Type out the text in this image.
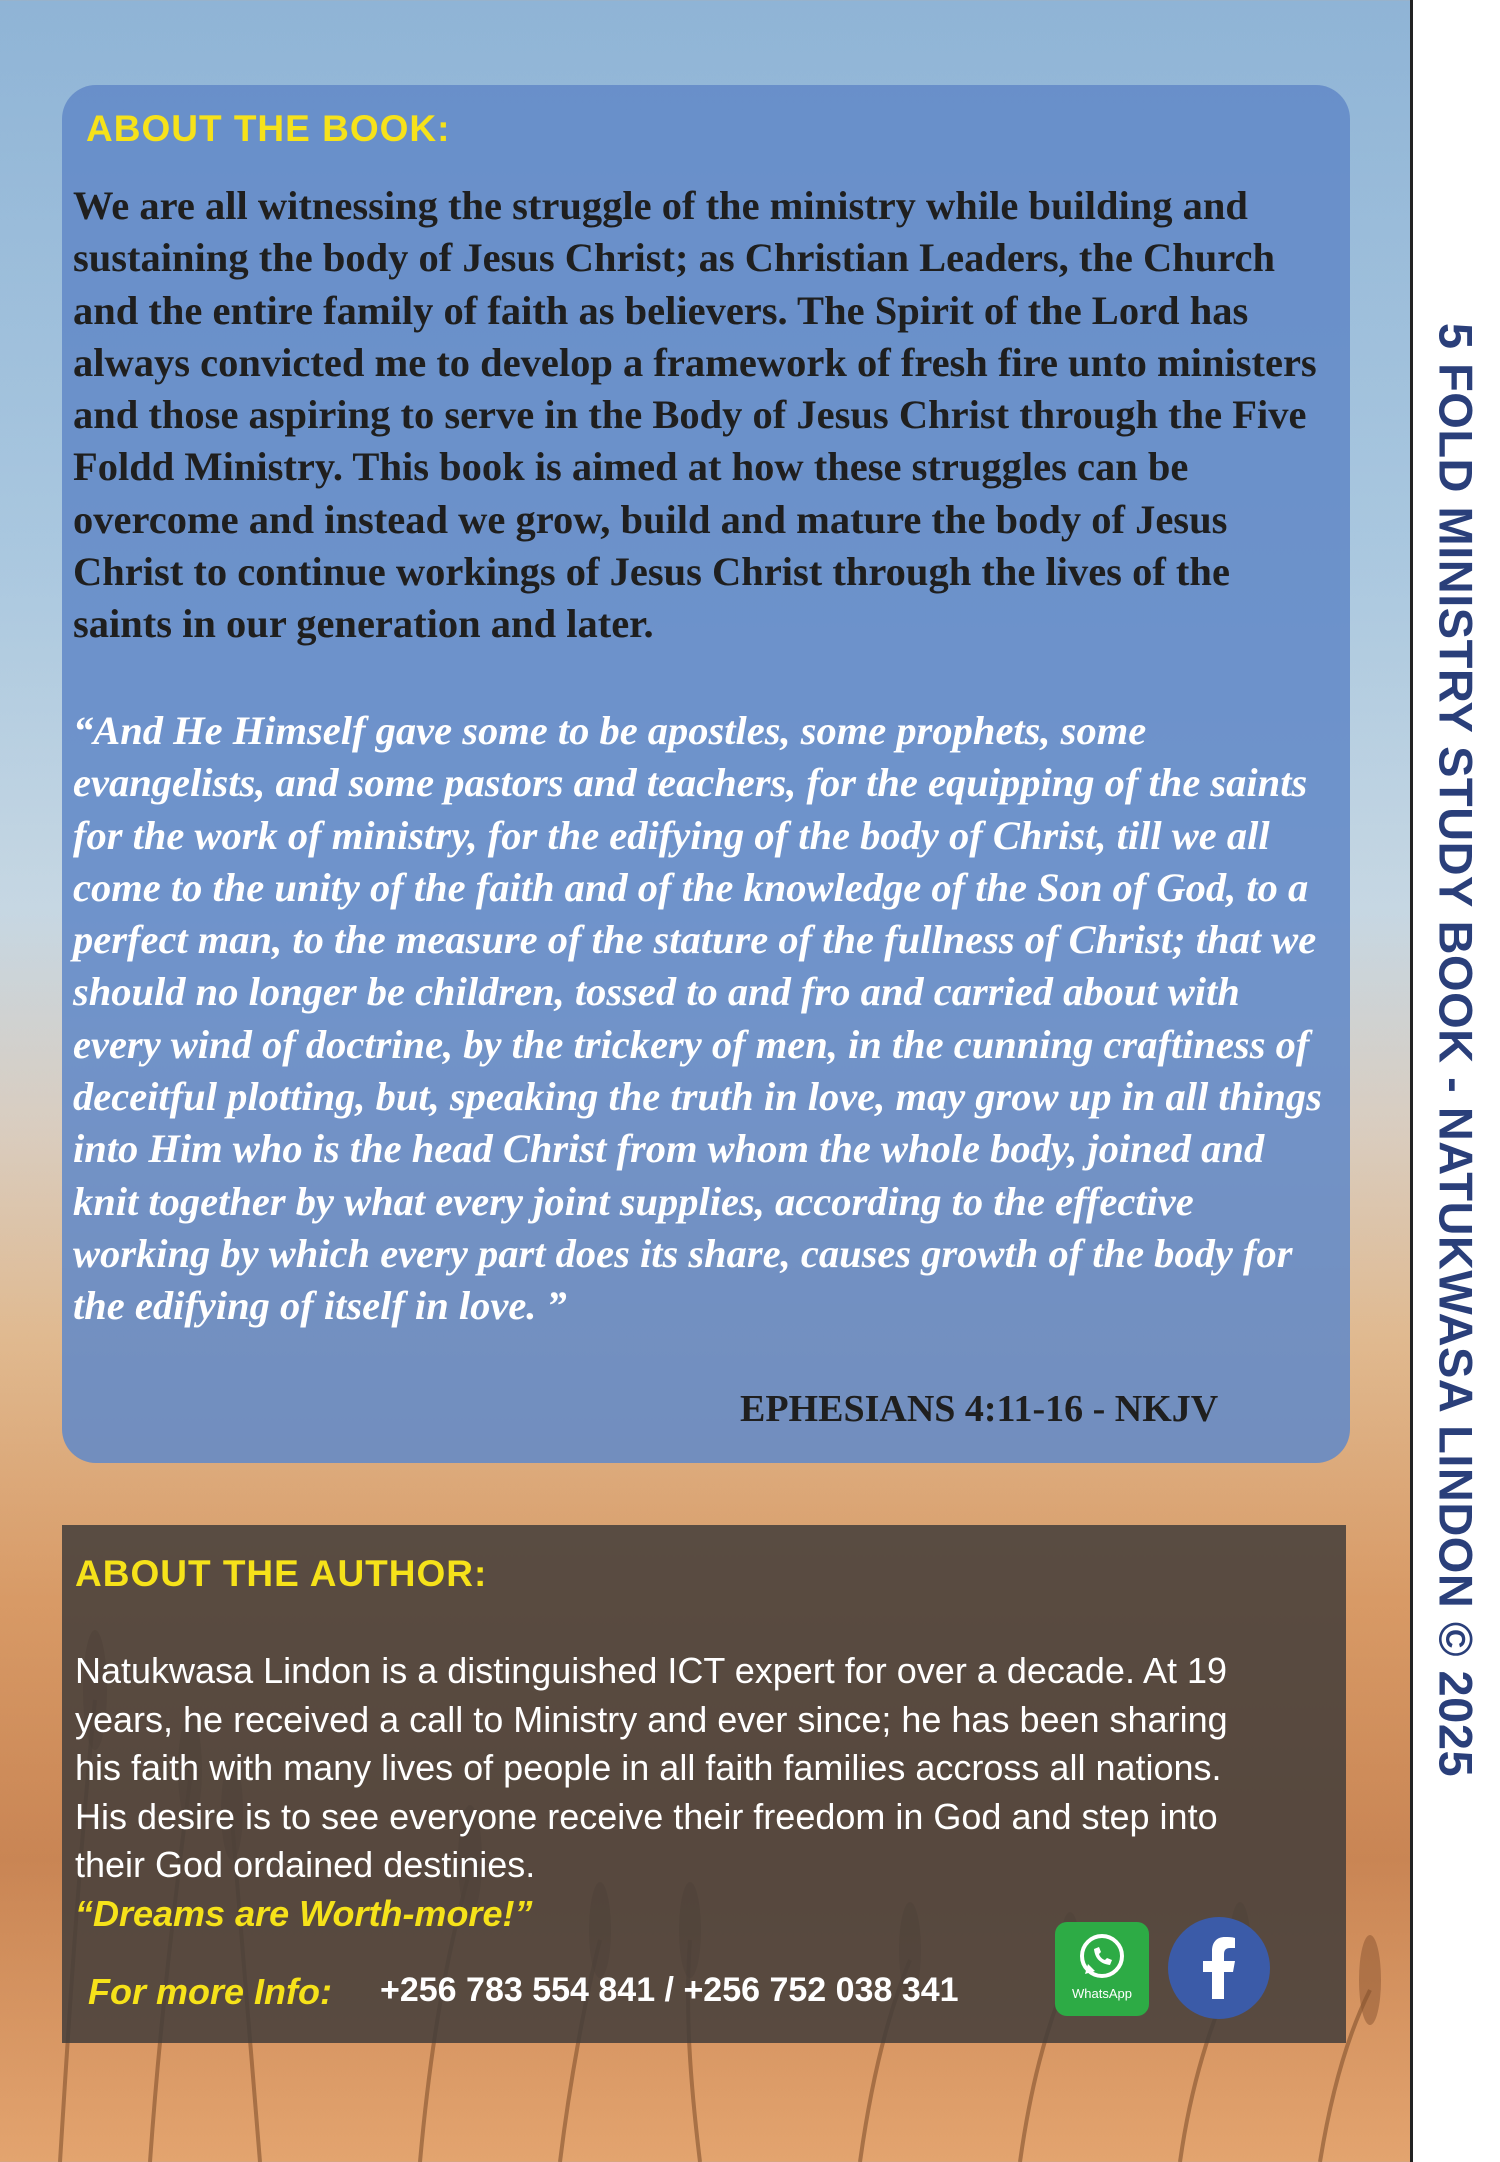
ABOUT THE BOOK:
We are all witnessing the struggle of the ministry while building and sustaining the body of Jesus Christ; as Christian Leaders, the Church and the entire family of faith as believers. The Spirit of the Lord has always convicted me to develop a framework of fresh fire unto ministers and those aspiring to serve in the Body of Jesus Christ through the Five Foldd Ministry. This book is aimed at how these struggles can be overcome and instead we grow, build and mature the body of Jesus Christ to continue workings of Jesus Christ through the lives of the saints in our generation and later.
“And He Himself gave some to be apostles, some prophets, some evangelists, and some pastors and teachers, for the equipping of the saints for the work of ministry, for the edifying of the body of Christ, till we all come to the unity of the faith and of the knowledge of the Son of God, to a perfect man, to the measure of the stature of the fullness of Christ; that we should no longer be children, tossed to and fro and carried about with every wind of doctrine, by the trickery of men, in the cunning craftiness of deceitful plotting, but, speaking the truth in love, may grow up in all things into Him who is the head Christ from whom the whole body, joined and knit together by what every joint supplies, according to the effective working by which every part does its share, causes growth of the body for the edifying of itself in love. ”
EPHESIANS 4:11-16 - NKJV
ABOUT THE AUTHOR:
Natukwasa Lindon is a distinguished ICT expert for over a decade. At 19 years, he received a call to Ministry and ever since; he has been sharing his faith with many lives of people in all faith families accross all nations. His desire is to see everyone receive their freedom in God and step into their God ordained destinies.
“Dreams are Worth-more!”
For more Info: +256 783 554 841 / +256 752 038 341	WhatsApp
5 FOLD MINISTRY STUDY BOOK - NATUKWASA LINDON © 2025
